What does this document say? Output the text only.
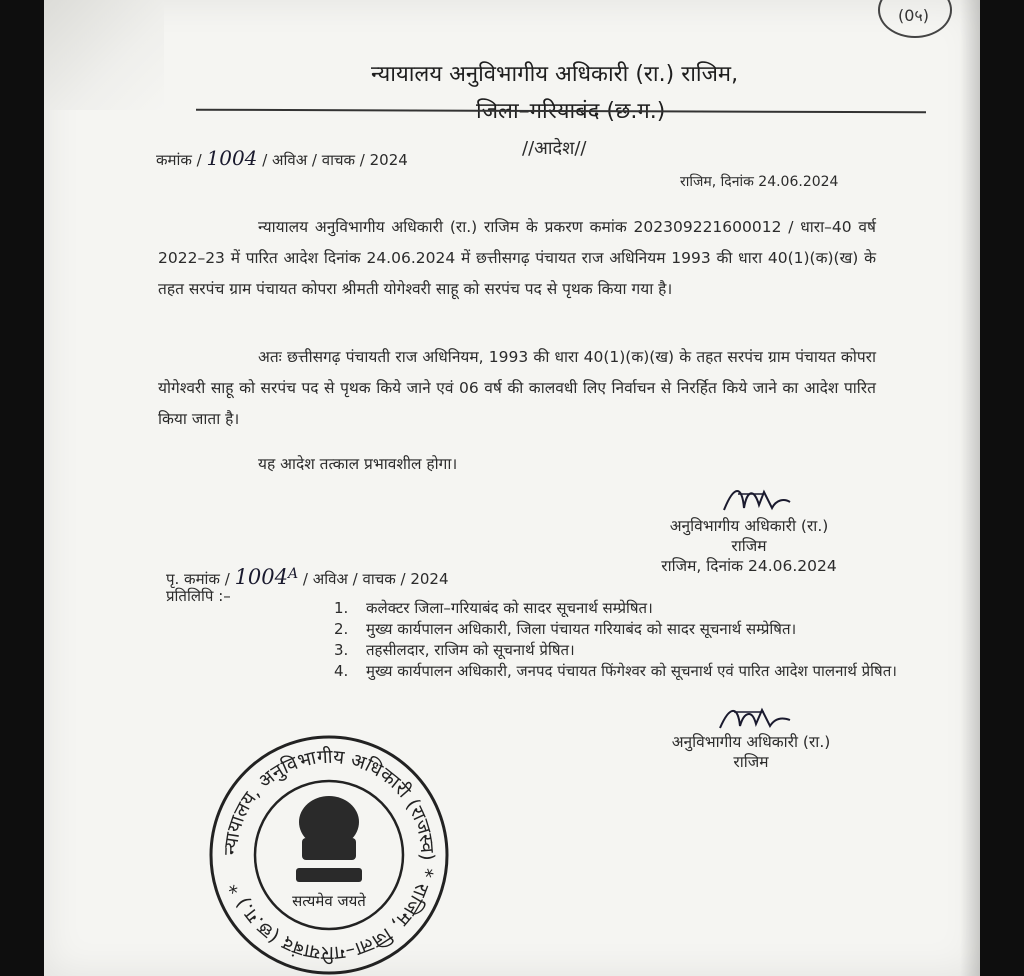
(0५)
न्यायालय अनुविभागीय अधिकारी (रा.) राजिम,
जिला–गरियाबंद (छ.ग.)
कमांक / 1004 / अविअ / वाचक / 2024
//आदेश//
राजिम, दिनांक 24.06.2024
न्यायालय अनुविभागीय अधिकारी (रा.) राजिम के प्रकरण कमांक 202309221600012 / धारा–40 वर्ष 2022–23 में पारित आदेश दिनांक 24.06.2024 में छत्तीसगढ़ पंचायत राज अधिनियम 1993 की धारा 40(1)(क)(ख) के तहत सरपंच ग्राम पंचायत कोपरा श्रीमती योगेश्वरी साहू को सरपंच पद से पृथक किया गया है।
अतः छत्तीसगढ़ पंचायती राज अधिनियम, 1993 की धारा 40(1)(क)(ख) के तहत सरपंच ग्राम पंचायत कोपरा योगेश्वरी साहू को सरपंच पद से पृथक किये जाने एवं 06 वर्ष की कालवधी लिए निर्वाचन से निरर्हित किये जाने का आदेश पारित किया जाता है।
यह आदेश तत्काल प्रभावशील होगा।
अनुविभागीय अधिकारी (रा.)
राजिम
राजिम, दिनांक 24.06.2024
पृ. कमांक / $1004^A$ / अविअ / वाचक / 2024
प्रतिलिपि :–
1.	कलेक्टर जिला–गरियाबंद को सादर सूचनार्थ सम्प्रेषित।
2.	मुख्य कार्यपालन अधिकारी, जिला पंचायत गरियाबंद को सादर सूचनार्थ सम्प्रेषित।
3.	तहसीलदार, राजिम को सूचनार्थ प्रेषित।
4.	मुख्य कार्यपालन अधिकारी, जनपद पंचायत फिंगेश्वर को सूचनार्थ एवं पारित आदेश पालनार्थ प्रेषित।
अनुविभागीय अधिकारी (रा.)
राजिम
न्यायालय, अनुविभागीय अधिकारी (राजस्व) * राजिम, जिला–गरियाबंद (छ.ग.) *
सत्यमेव जयते
